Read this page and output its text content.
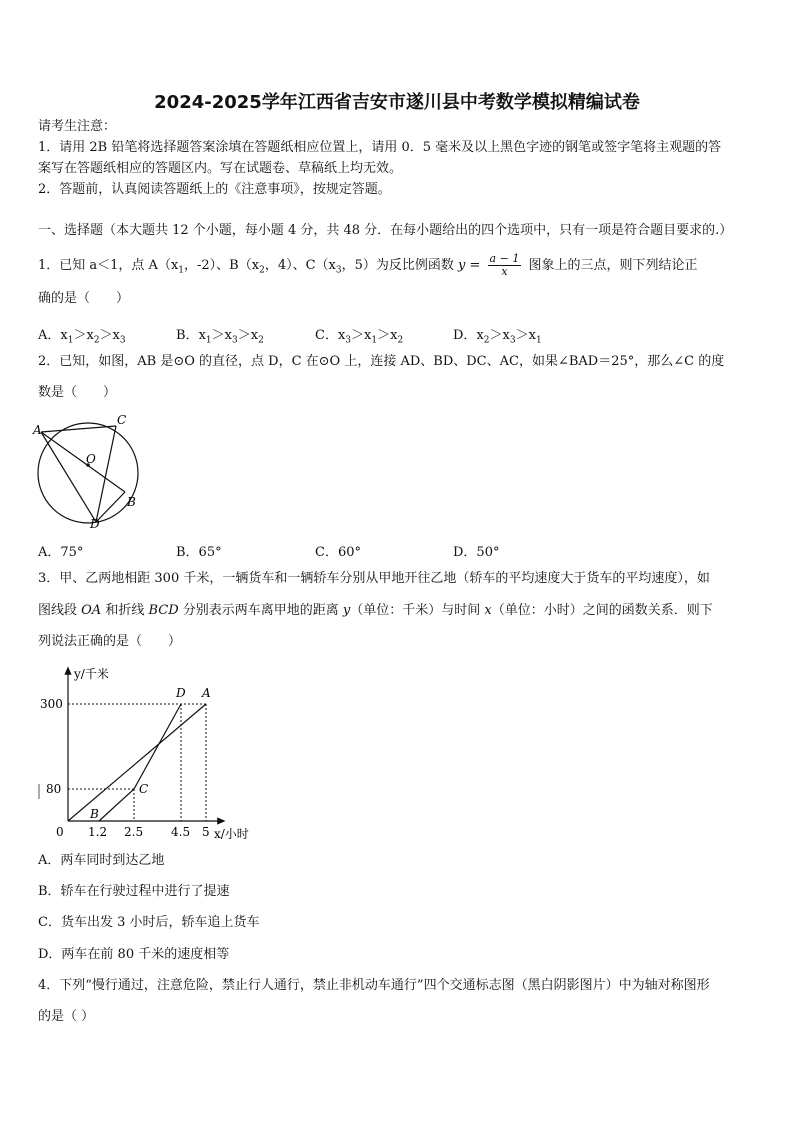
2024-2025学年江西省吉安市遂川县中考数学模拟精编试卷
请考生注意：
1．请用 2B 铅笔将选择题答案涂填在答题纸相应位置上，请用 0．5 毫米及以上黑色字迹的钢笔或签字笔将主观题的答
案写在答题纸相应的答题区内。写在试题卷、草稿纸上均无效。
2．答题前，认真阅读答题纸上的《注意事项》，按规定答题。
一、选择题（本大题共 12 个小题，每小题 4 分，共 48 分．在每小题给出的四个选项中，只有一项是符合题目要求的.）
1．已知 a＜1，点 $A(x_1$，-2）、$B(x_2$，4）、$C(x_3$，5）为反比例函数 $y = \frac{a - 1}{x}$ 图象上的三点，则下列结论正
确的是（　　）
A．$x_1>x_2>x_3$	B．$x_1>x_3>x_2$	C．$x_3>x_1>x_2$	D．$x_2>x_3>x_1$
2．已知，如图，AB 是⊙O 的直径，点 D，C 在⊙O 上，连接 AD、BD、DC、AC，如果∠BAD＝25°，那么∠C 的度
数是（　　）
A
C
O
B
D
A．75°	B．65°	C．60°	D．50°
3．甲、乙两地相距 300 千米，一辆货车和一辆轿车分别从甲地开往乙地（轿车的平均速度大于货车的平均速度），如
图线段 OA 和折线 BCD 分别表示两车离甲地的距离 y（单位：千米）与时间 x（单位：小时）之间的函数关系．则下
列说法正确的是（　　）
y/千米
x/小时
0
300
80
1.2 2.5 4.5 5
D A
C
B
A．两车同时到达乙地
B．轿车在行驶过程中进行了提速
C．货车出发 3 小时后，轿车追上货车
D．两车在前 80 千米的速度相等
4．下列“慢行通过，注意危险，禁止行人通行，禁止非机动车通行”四个交通标志图（黑白阴影图片）中为轴对称图形
的是（ ）
